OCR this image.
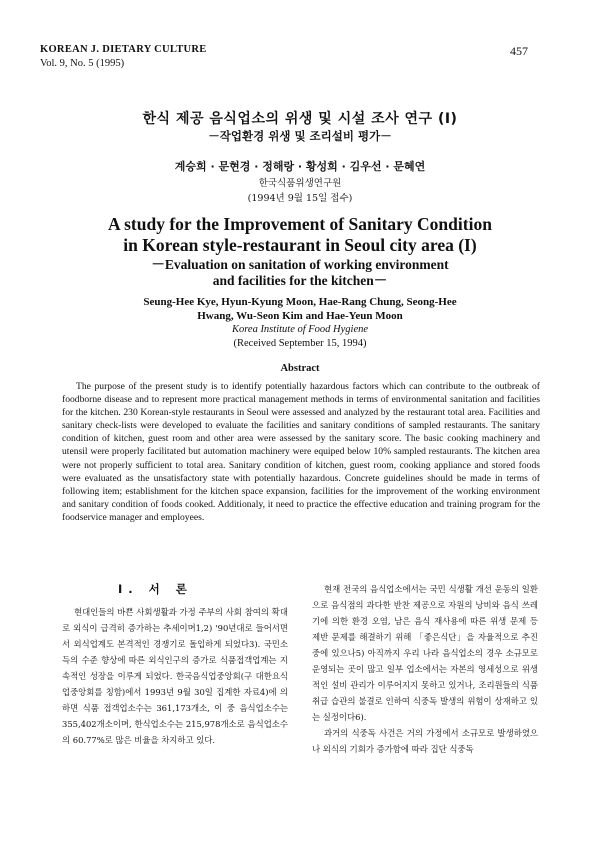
KOREAN J. DIETARY CULTURE
Vol. 9, No. 5 (1995)
457
한식 제공 음식업소의 위생 및 시설 조사 연구 (I)
－작업환경 위생 및 조리설비 평가－
계승희 · 문현경 · 정해랑 · 황성희 · 김우선 · 문혜연
한국식품위생연구원
(1994년 9월 15일 접수)
A study for the Improvement of Sanitary Condition in Korean style-restaurant in Seoul city area (I)
－Evaluation on sanitation of working environment and facilities for the kitchen－
Seung-Hee Kye, Hyun-Kyung Moon, Hae-Rang Chung, Seong-Hee Hwang, Wu-Seon Kim and Hae-Yeun Moon
Korea Institute of Food Hygiene
(Received September 15, 1994)
Abstract
The purpose of the present study is to identify potentially hazardous factors which can contribute to the outbreak of foodborne disease and to represent more practical management methods in terms of environmental sanitation and facilities for the kitchen. 230 Korean-style restaurants in Seoul were assessed and analyzed by the restaurant total area. Facilities and sanitary check-lists were developed to evaluate the facilities and sanitary conditions of sampled restaurants. The sanitary condition of kitchen, guest room and other area were assessed by the sanitary score. The basic cooking machinery and utensil were properly facilitated but automation machinery were equiped below 10% sampled restaurants. The kitchen area were not properly sufficient to total area. Sanitary condition of kitchen, guest room, cooking appliance and stored foods were evaluated as the unsatisfactory state with potentially hazardous. Concrete guidelines should be made in terms of following item; establishment for the kitchen space expansion, facilities for the improvement of the working environment and sanitary condition of foods cooked. Additionaly, it need to practice the effective education and training program for the foodservice manager and employees.
I. 서 론

현대인들의 바쁜 사회생활과 가정 주부의 사회 참여의 확대로 외식이 급격히 증가하는 추세이며1,2) '90년대로 들어서면서 외식업계도 본격적인 경쟁기로 돌입하게 되었다3). 국민소득의 수준 향상에 따른 외식인구의 증가로 식품접객업계는 지속적인 성장을 이루게 되었다. 한국음식업중앙회(구 대한요식업중앙회를 칭함)에서 1993년 9월 30일 집계한 자료4)에 의하면 식품 접객업소수는 361,173개소, 이 중 음식업소수는 355,402개소이며, 한식업소수는 215,978개소로 음식업소수의 60.77%로 많은 비율을 차지하고 있다.

현재 전국의 음식업소에서는 국민 식생활 개선 운동의 일환으로 음식점의 과다한 반찬 제공으로 자원의 낭비와 음식 쓰레기에 의한 환경 오염, 남은 음식 재사용에 따른 위생 문제 등 제반 문제를 해결하기 위해 「좋은식단」을 자율적으로 추진 중에 있으나5) 아직까지 우리 나라 음식업소의 경우 소규모로 운영되는 곳이 많고 일부 업소에서는 자본의 영세성으로 위생적인 설비 관리가 이루어지지 못하고 있거나, 조리원들의 식품 취급 습관의 불결로 인하여 식중독 발생의 위험이 상재하고 있는 실정이다6).

과거의 식중독 사건은 거의 가정에서 소규모로 발생하였으나 외식의 기회가 증가함에 따라 집단 식중독
